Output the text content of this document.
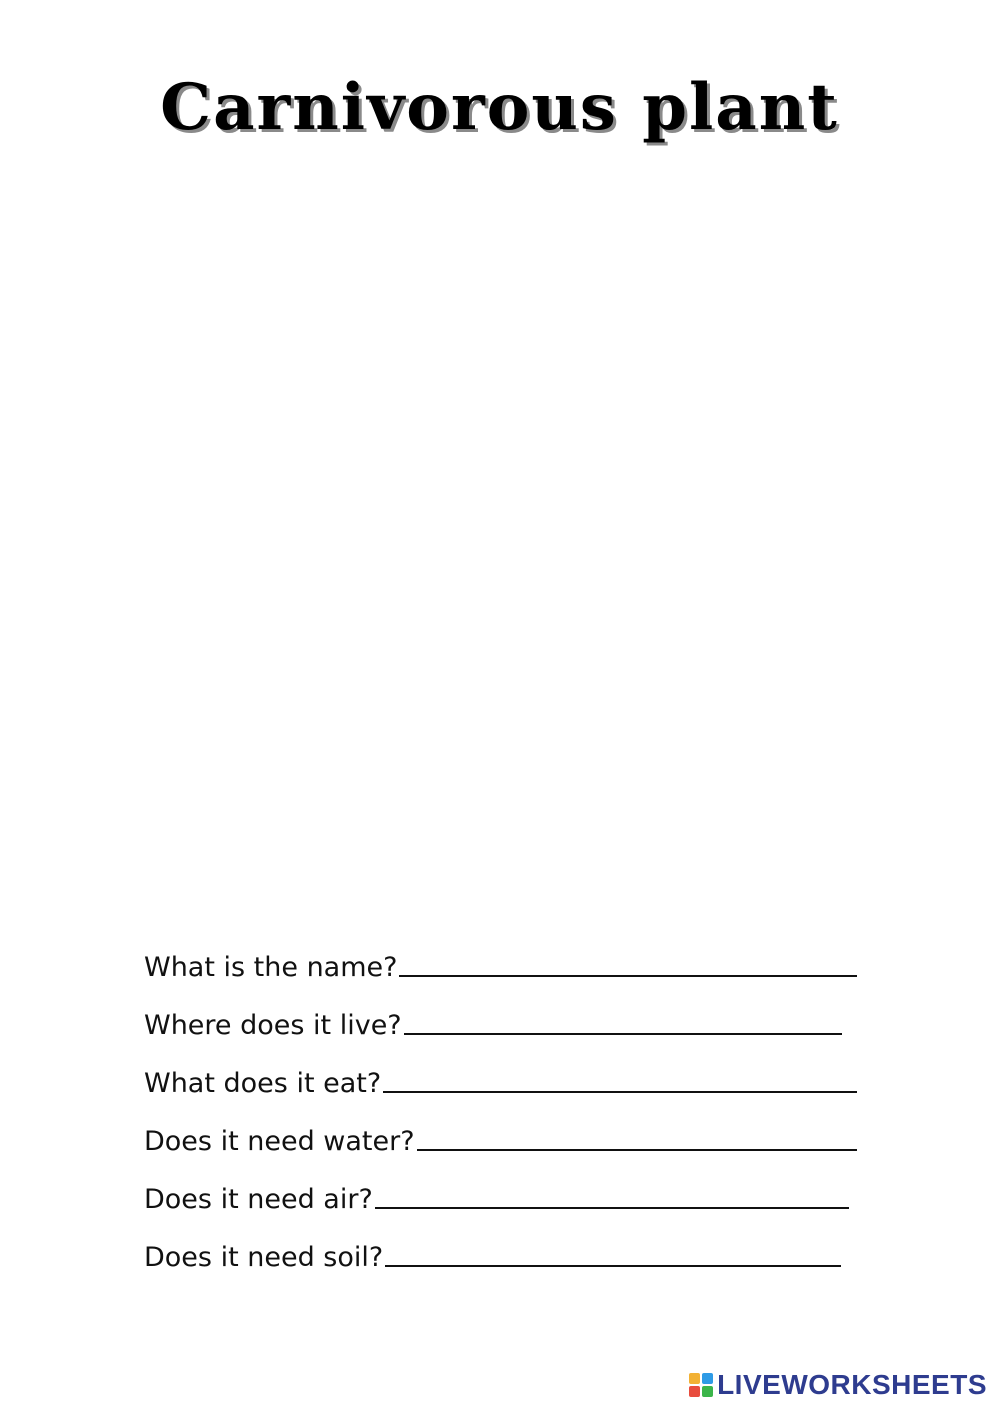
Carnivorous plant
What is the name?
Where does it live?
What does it eat?
Does it need water?
Does it need air?
Does it need soil?
LIVEWORKSHEETS
